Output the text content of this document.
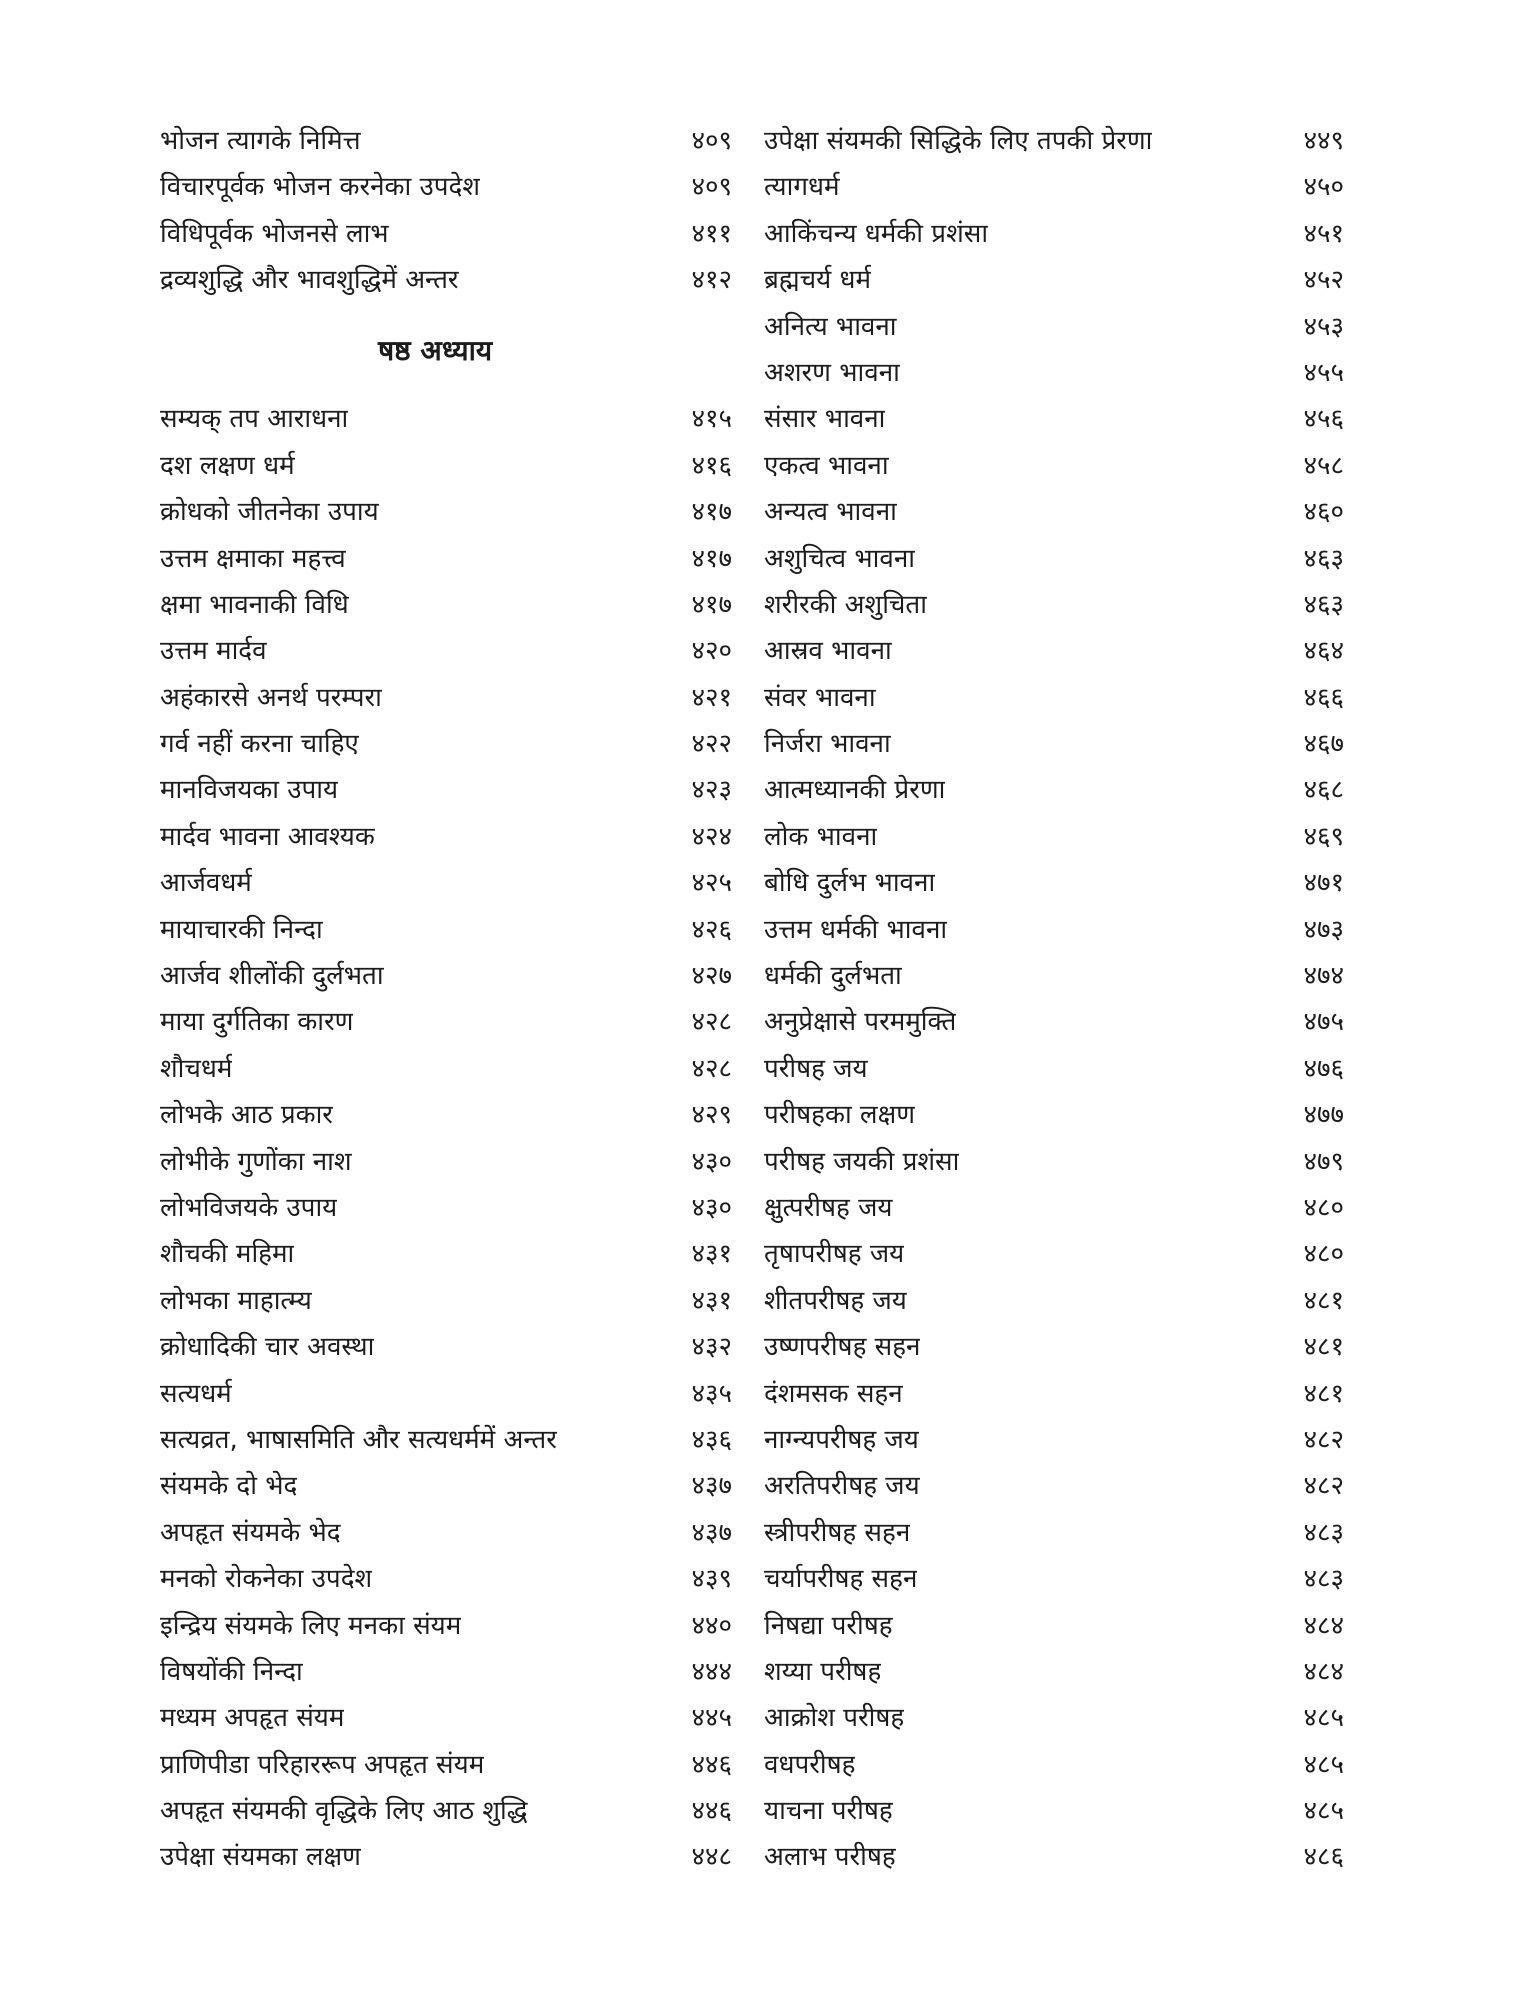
भोजन त्यागके निमित्त	४०९
विचारपूर्वक भोजन करनेका उपदेश	४०९
विधिपूर्वक भोजनसे लाभ	४११
द्रव्यशुद्धि और भावशुद्धिमें अन्तर	४१२
षष्ठ अध्याय
सम्यक् तप आराधना	४१५
दश लक्षण धर्म	४१६
क्रोधको जीतनेका उपाय	४१७
उत्तम क्षमाका महत्त्व	४१७
क्षमा भावनाकी विधि	४१७
उत्तम मार्दव	४२०
अहंकारसे अनर्थ परम्परा	४२१
गर्व नहीं करना चाहिए	४२२
मानविजयका उपाय	४२३
मार्दव भावना आवश्यक	४२४
आर्जवधर्म	४२५
मायाचारकी निन्दा	४२६
आर्जव शीलोंकी दुर्लभता	४२७
माया दुर्गतिका कारण	४२८
शौचधर्म	४२८
लोभके आठ प्रकार	४२९
लोभीके गुणोंका नाश	४३०
लोभविजयके उपाय	४३०
शौचकी महिमा	४३१
लोभका माहात्म्य	४३१
क्रोधादिकी चार अवस्था	४३२
सत्यधर्म	४३५
सत्यव्रत, भाषासमिति और सत्यधर्ममें अन्तर	४३६
संयमके दो भेद	४३७
अपहृत संयमके भेद	४३७
मनको रोकनेका उपदेश	४३९
इन्द्रिय संयमके लिए मनका संयम	४४०
विषयोंकी निन्दा	४४४
मध्यम अपहृत संयम	४४५
प्राणिपीडा परिहाररूप अपहृत संयम	४४६
अपहृत संयमकी वृद्धिके लिए आठ शुद्धि	४४६
उपेक्षा संयमका लक्षण	४४८
उपेक्षा संयमकी सिद्धिके लिए तपकी प्रेरणा	४४९
त्यागधर्म	४५०
आकिंचन्य धर्मकी प्रशंसा	४५१
ब्रह्मचर्य धर्म	४५२
अनित्य भावना	४५३
अशरण भावना	४५५
संसार भावना	४५६
एकत्व भावना	४५८
अन्यत्व भावना	४६०
अशुचित्व भावना	४६३
शरीरकी अशुचिता	४६३
आस्रव भावना	४६४
संवर भावना	४६६
निर्जरा भावना	४६७
आत्मध्यानकी प्रेरणा	४६८
लोक भावना	४६९
बोधि दुर्लभ भावना	४७१
उत्तम धर्मकी भावना	४७३
धर्मकी दुर्लभता	४७४
अनुप्रेक्षासे परममुक्ति	४७५
परीषह जय	४७६
परीषहका लक्षण	४७७
परीषह जयकी प्रशंसा	४७९
क्षुत्परीषह जय	४८०
तृषापरीषह जय	४८०
शीतपरीषह जय	४८१
उष्णपरीषह सहन	४८१
दंशमसक सहन	४८१
नाग्न्यपरीषह जय	४८२
अरतिपरीषह जय	४८२
स्त्रीपरीषह सहन	४८३
चर्यापरीषह सहन	४८३
निषद्या परीषह	४८४
शय्या परीषह	४८४
आक्रोश परीषह	४८५
वधपरीषह	४८५
याचना परीषह	४८५
अलाभ परीषह	४८६
